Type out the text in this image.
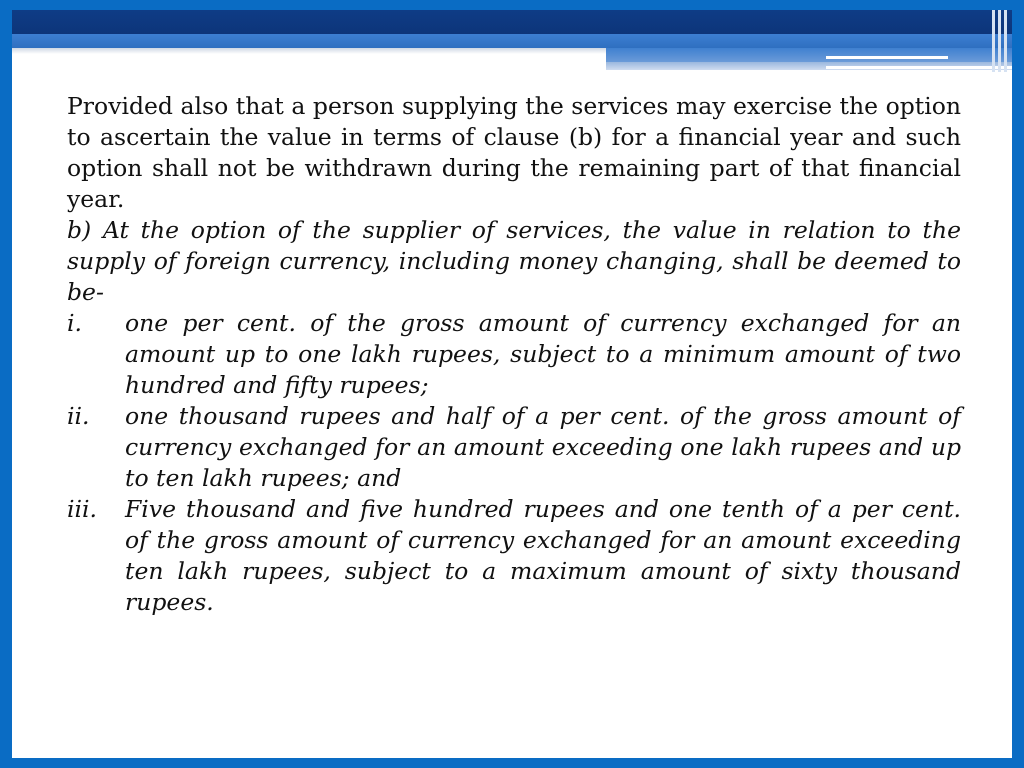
Provided also that a person supplying the services may exercise the option to ascertain the value in terms of clause (b) for a financial year and such option shall not be withdrawn during the remaining part of that financial year.

b) At the option of the supplier of services, the value in relation to the supply of foreign currency, including money changing, shall be deemed to be-

i.	one per cent. of the gross amount of currency exchanged for an amount up to one lakh rupees, subject to a minimum amount of two hundred and fifty rupees;
ii.	one thousand rupees and half of a per cent. of the gross amount of currency exchanged for an amount exceeding one lakh rupees and up to ten lakh rupees; and
iii.	Five thousand and five hundred rupees and one tenth of a per cent. of the gross amount of currency exchanged for an amount exceeding ten lakh rupees, subject to a maximum amount of sixty thousand rupees.
